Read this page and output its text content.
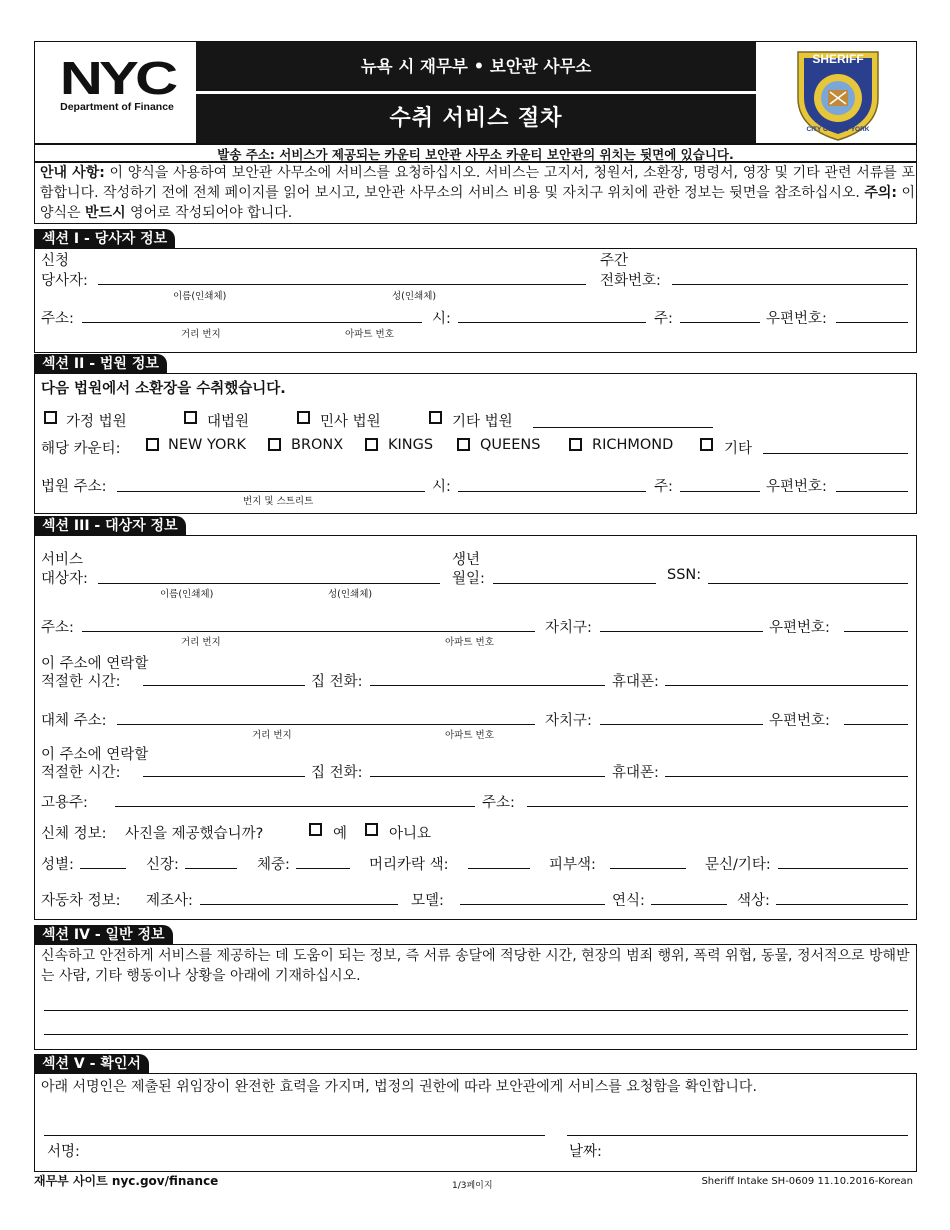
NYC
Department of Finance
뉴욕 시 재무부 • 보안관 사무소
수취 서비스 절차
SHERIFF
CITY OF NEW YORK
발송 주소: 서비스가 제공되는 카운티 보안관 사무소 카운티 보안관의 위치는 뒷면에 있습니다.
안내 사항: 이 양식을 사용하여 보안관 사무소에 서비스를 요청하십시오. 서비스는 고지서, 청원서, 소환장, 명령서, 영장 및 기타 관련 서류를 포함합니다. 작성하기 전에 전체 페이지를 읽어 보시고, 보안관 사무소의 서비스 비용 및 자치구 위치에 관한 정보는 뒷면을 참조하십시오. 주의: 이 양식은 반드시 영어로 작성되어야 합니다.
섹션 I - 당사자 정보
신청
당사자:
이름(인쇄체)	성(인쇄체)
주간
전화번호:
주소:
거리 번지	아파트 번호
시:	주:	우편번호:
섹션 II - 법원 정보
다음 법원에서 소환장을 수취했습니다.
가정 법원	대법원	민사 법원	기타 법원
해당 카운티:	NEW YORK	BRONX	KINGS	QUEENS	RICHMOND	기타
법원 주소:
번지 및 스트리트
시:	주:	우편번호:
섹션 III - 대상자 정보
서비스
대상자:
이름(인쇄체)	성(인쇄체)
생년
월일:	SSN:
주소:
거리 번지	아파트 번호
자치구:	우편번호:
이 주소에 연락할
적절한 시간:	집 전화:	휴대폰:
대체 주소:
거리 번지	아파트 번호
자치구:	우편번호:
이 주소에 연락할
적절한 시간:	집 전화:	휴대폰:
고용주:	주소:
신체 정보: 사진을 제공했습니까?	예	아니요
성별:	신장:	체중:	머리카락 색:	피부색:	문신/기타:
자동차 정보: 제조사:	모델:	연식:	색상:
섹션 IV - 일반 정보
신속하고 안전하게 서비스를 제공하는 데 도움이 되는 정보, 즉 서류 송달에 적당한 시간, 현장의 범죄 행위, 폭력 위협, 동물, 정서적으로 방해받는 사람, 기타 행동이나 상황을 아래에 기재하십시오.
섹션 V - 확인서
아래 서명인은 제출된 위임장이 완전한 효력을 가지며, 법정의 권한에 따라 보안관에게 서비스를 요청함을 확인합니다.
서명:	날짜:
재무부 사이트 nyc.gov/finance	1/3페이지	Sheriff Intake SH-0609 11.10.2016-Korean
